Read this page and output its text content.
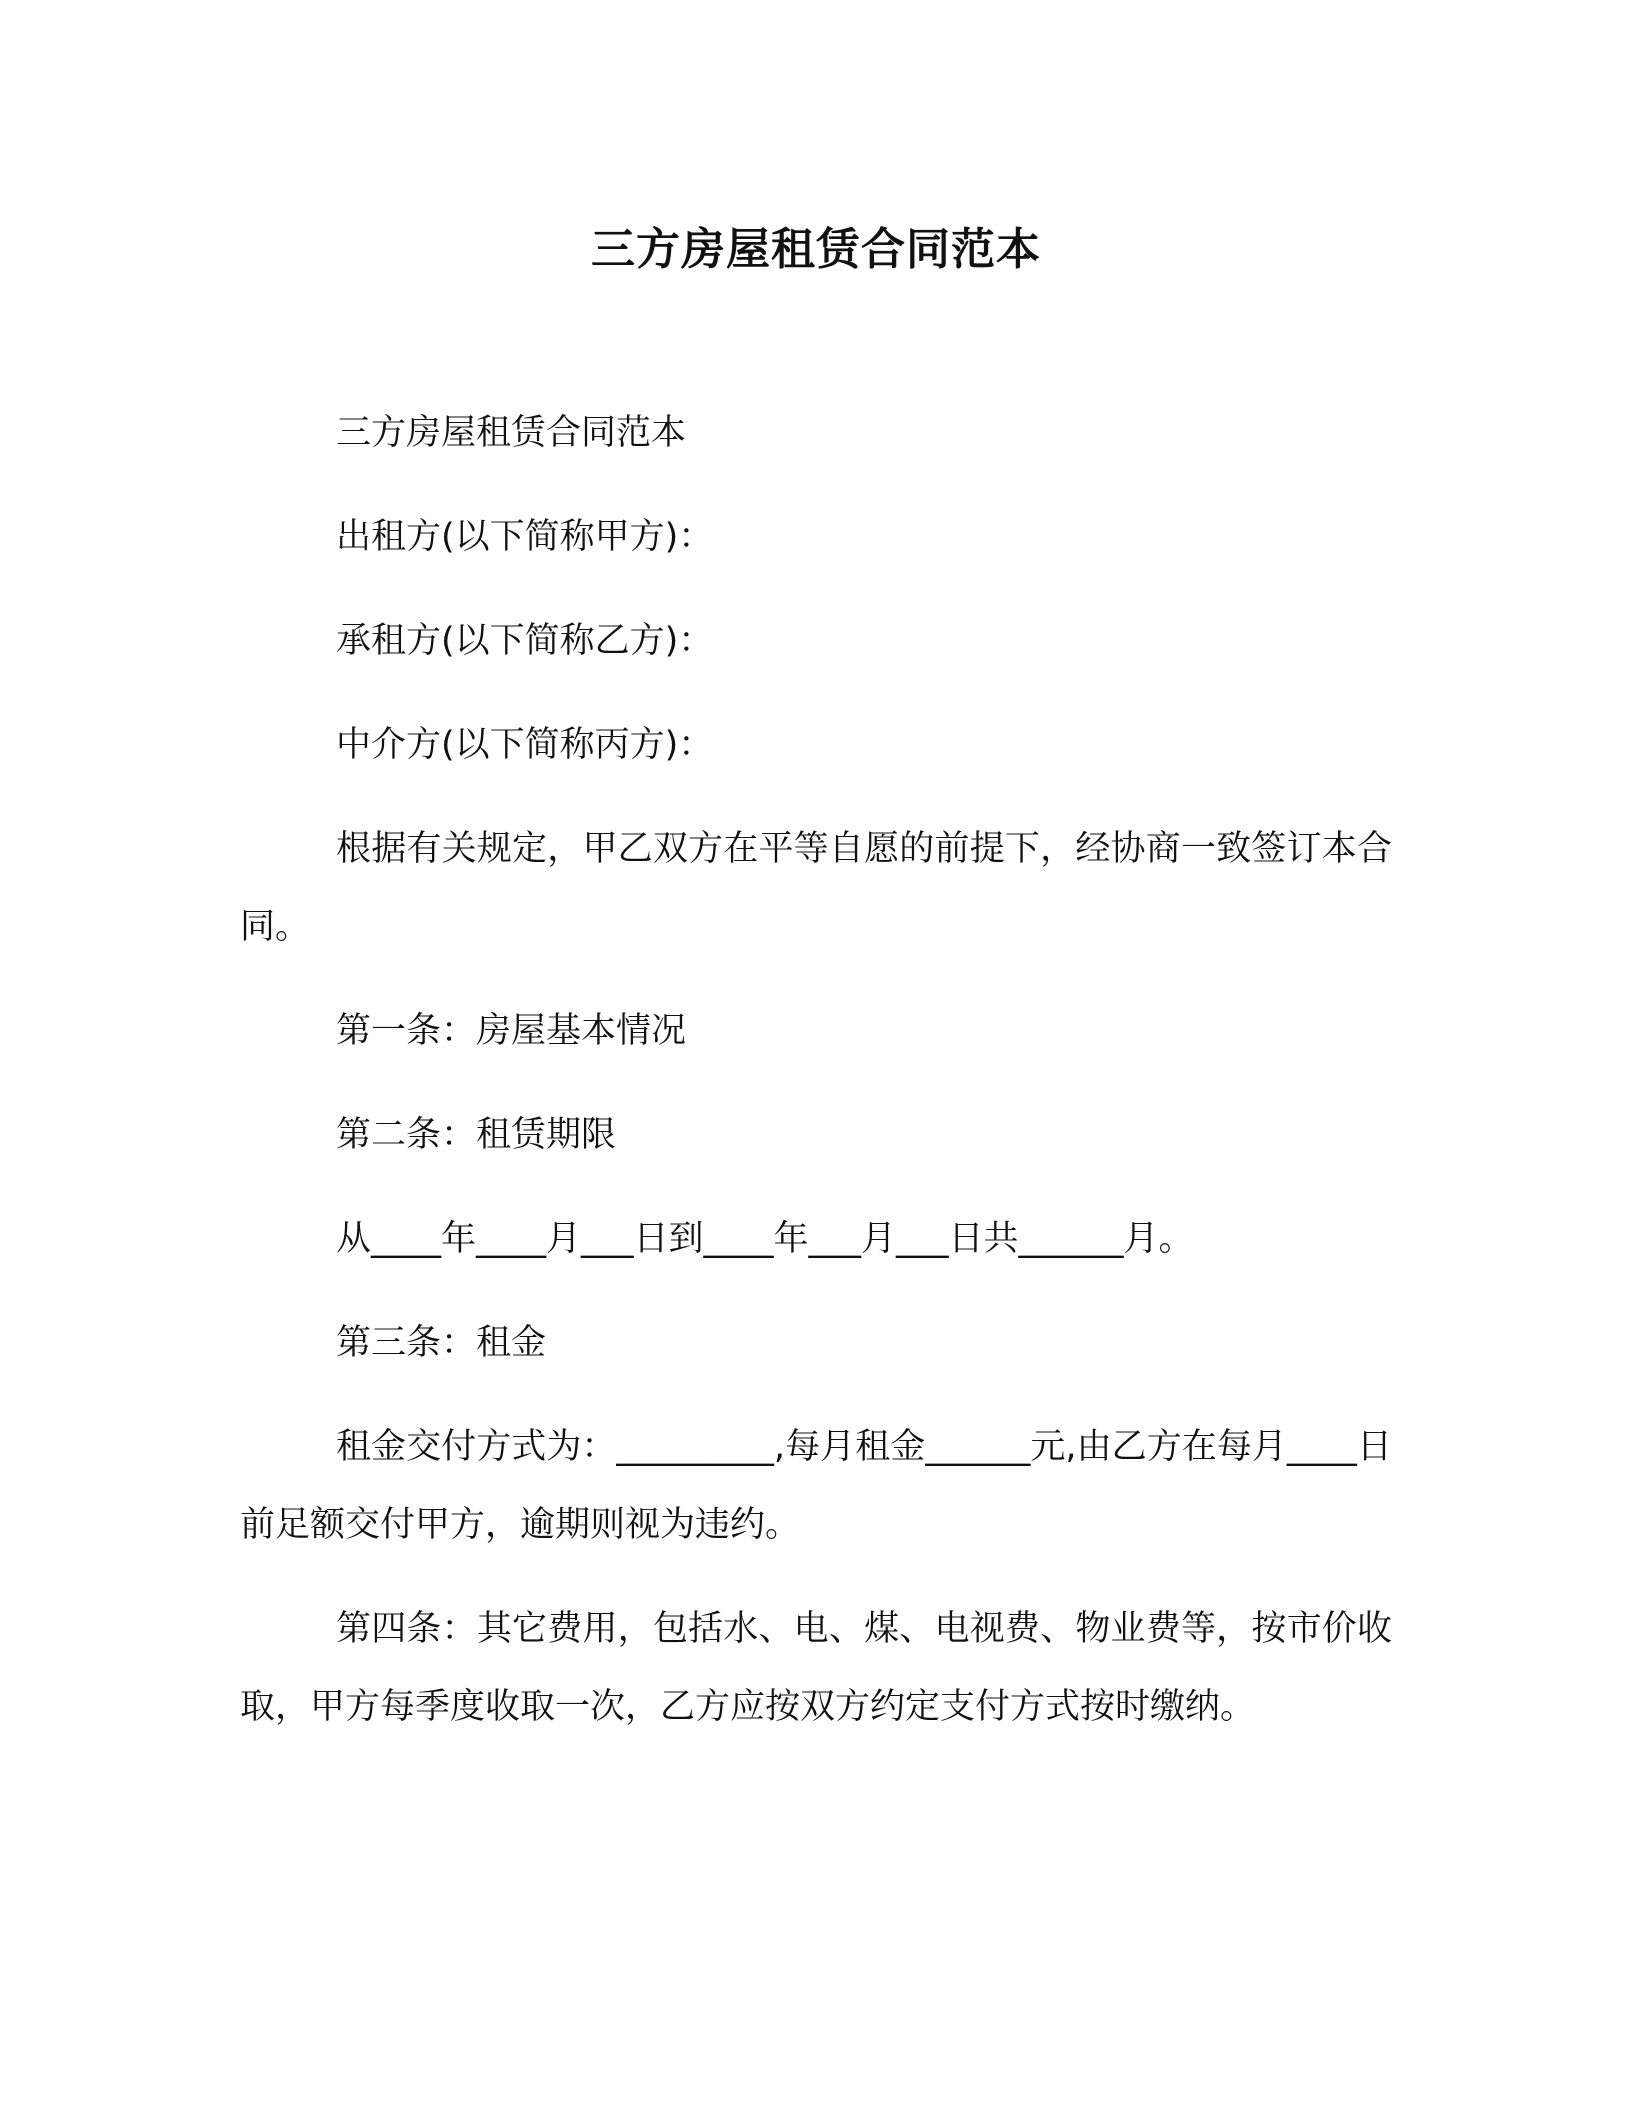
三方房屋租赁合同范本

三方房屋租赁合同范本

出租方(以下简称甲方)：

承租方(以下简称乙方)：

中介方(以下简称丙方)：

根据有关规定，甲乙双方在平等自愿的前提下，经协商一致签订本合同。

第一条：房屋基本情况

第二条：租赁期限

从____年____月___日到____年___月___日共______月。

第三条：租金

租金交付方式为：_________,每月租金______元,由乙方在每月____日前足额交付甲方，逾期则视为违约。

第四条：其它费用，包括水、电、煤、电视费、物业费等，按市价收取，甲方每季度收取一次，乙方应按双方约定支付方式按时缴纳。
